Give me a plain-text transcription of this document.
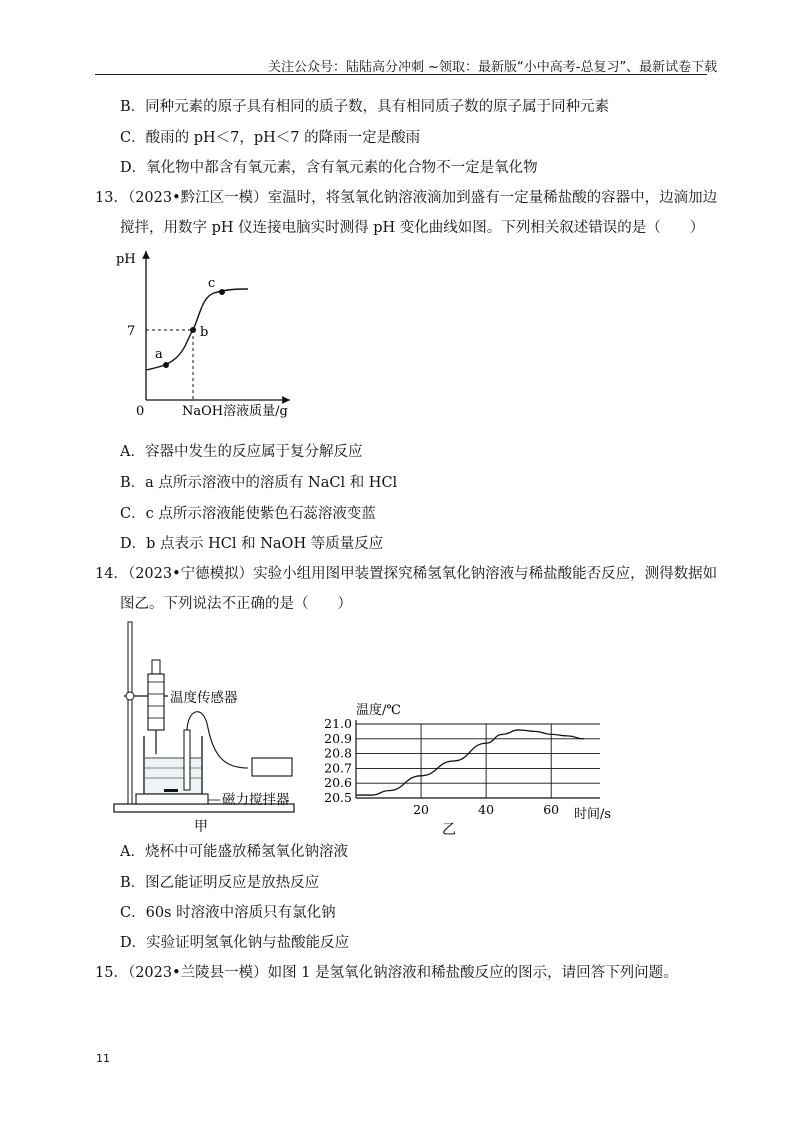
关注公众号：陆陆高分冲刺 ~领取：最新版“小中高考-总复习”、最新试卷下载
B．同种元素的原子具有相同的质子数，具有相同质子数的原子属于同种元素
C．酸雨的 pH＜7，pH＜7 的降雨一定是酸雨
D．氧化物中都含有氧元素，含有氧元素的化合物不一定是氧化物
13．（2023•黔江区一模）室温时，将氢氧化钠溶液滴加到盛有一定量稀盐酸的容器中，边滴加边
搅拌，用数字 pH 仪连接电脑实时测得 pH 变化曲线如图。下列相关叙述错误的是（　　）
pH
7
0
a
b
c
NaOH溶液质量/g
A．容器中发生的反应属于复分解反应
B．a 点所示溶液中的溶质有 NaCl 和 HCl
C．c 点所示溶液能使紫色石蕊溶液变蓝
D．b 点表示 HCl 和 NaOH 等质量反应
14．（2023•宁德模拟）实验小组用图甲装置探究稀氢氧化钠溶液与稀盐酸能否反应，测得数据如
图乙。下列说法不正确的是（　　）
温度传感器
磁力搅拌器
甲
21.0
20.9
20.8
20.7
20.6
20.5
20	40	60
温度/℃
时间/s
乙
A．烧杯中可能盛放稀氢氧化钠溶液
B．图乙能证明反应是放热反应
C．60s 时溶液中溶质只有氯化钠
D．实验证明氢氧化钠与盐酸能反应
15．（2023•兰陵县一模）如图 1 是氢氧化钠溶液和稀盐酸反应的图示，请回答下列问题。
11
